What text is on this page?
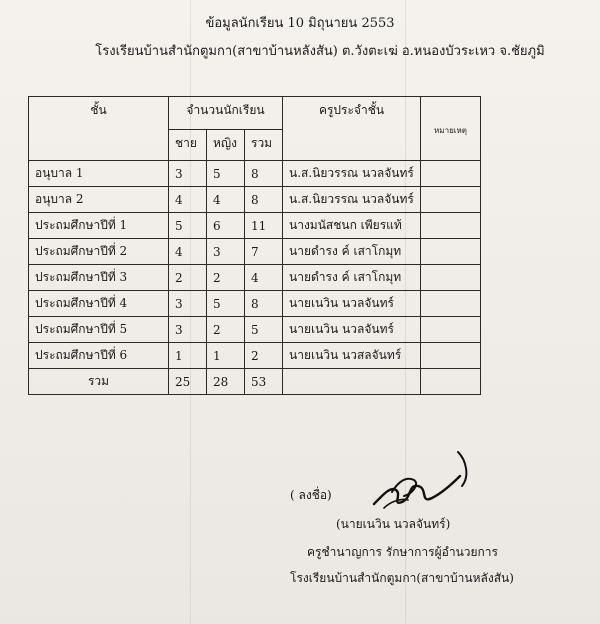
ข้อมูลนักเรียน 10 มิถุนายน 2553
โรงเรียนบ้านสำนักตูมกา(สาขาบ้านหลังสัน) ต.วังตะเฆ่ อ.หนองบัวระเหว จ.ชัยภูมิ
ชั้น	จำนวนนักเรียน			ครูประจำชั้น	หมายเหตุ
	ชาย	หญิง	รวม		
อนุบาล 1	3	5	8	น.ส.นิยวรรณ นวลจันทร์	
อนุบาล 2	4	4	8	น.ส.นิยวรรณ นวลจันทร์	
ประถมศึกษาปีที่ 1	5	6	11	นางมนัสชนก เพียรแท้	
ประถมศึกษาปีที่ 2	4	3	7	นายดำรง ค์ เสาโกมุท	
ประถมศึกษาปีที่ 3	2	2	4	นายดำรง ค์ เสาโกมุท	
ประถมศึกษาปีที่ 4	3	5	8	นายเนวิน นวลจันทร์	
ประถมศึกษาปีที่ 5	3	2	5	นายเนวิน นวลจันทร์	
ประถมศึกษาปีที่ 6	1	1	2	นายเนวิน นวสลจันทร์	
รวม	25	28	53		
( ลงชื่อ)
(นายเนวิน นวลจันทร์)
ครูชำนาญการ รักษาการผู้อำนวยการ
โรงเรียนบ้านสำนักตูมกา(สาขาบ้านหลังสัน)
